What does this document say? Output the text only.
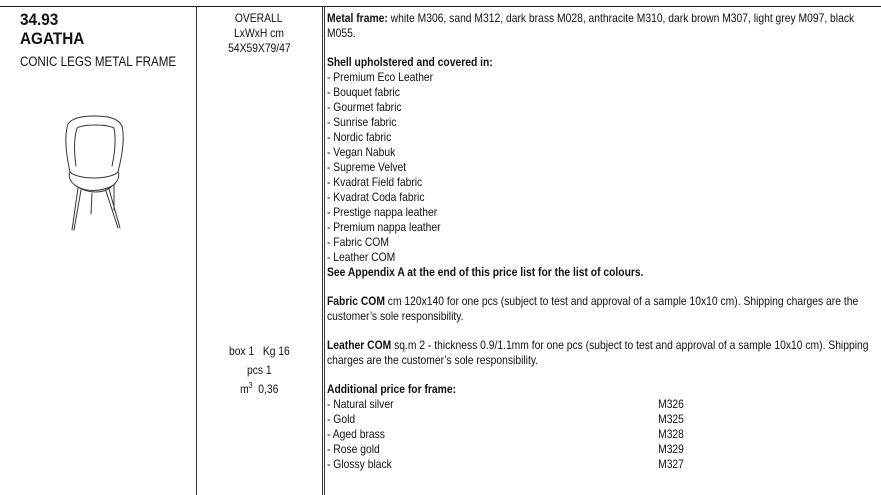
34.93
AGATHA
CONIC LEGS METAL FRAME
OVERALL
LxWxH cm
54X59X79/47
box 1 Kg 16
pcs 1
$m^3$ 0,36

Metal frame: white M306, sand M312, dark brass M028, anthracite M310, dark brown M307, light grey M097, black M055.

Shell upholstered and covered in:

- Premium Eco Leather
- Bouquet fabric
- Gourmet fabric
- Sunrise fabric
- Nordic fabric
- Vegan Nabuk
- Supreme Velvet
- Kvadrat Field fabric
- Kvadrat Coda fabric
- Prestige nappa leather
- Premium nappa leather
- Fabric COM
- Leather COM

See Appendix A at the end of this price list for the list of colours.

Fabric COM cm 120x140 for one pcs (subject to test and approval of a sample 10x10 cm). Shipping charges are the customer’s sole responsibility.

Leather COM sq.m 2 - thickness 0.9/1.1mm for one pcs (subject to test and approval of a sample 10x10 cm). Shipping charges are the customer’s sole responsibility.

Additional price for frame:

- Natural silver	M326
- Gold	M325
- Aged brass	M328
- Rose gold	M329
- Glossy black	M327
